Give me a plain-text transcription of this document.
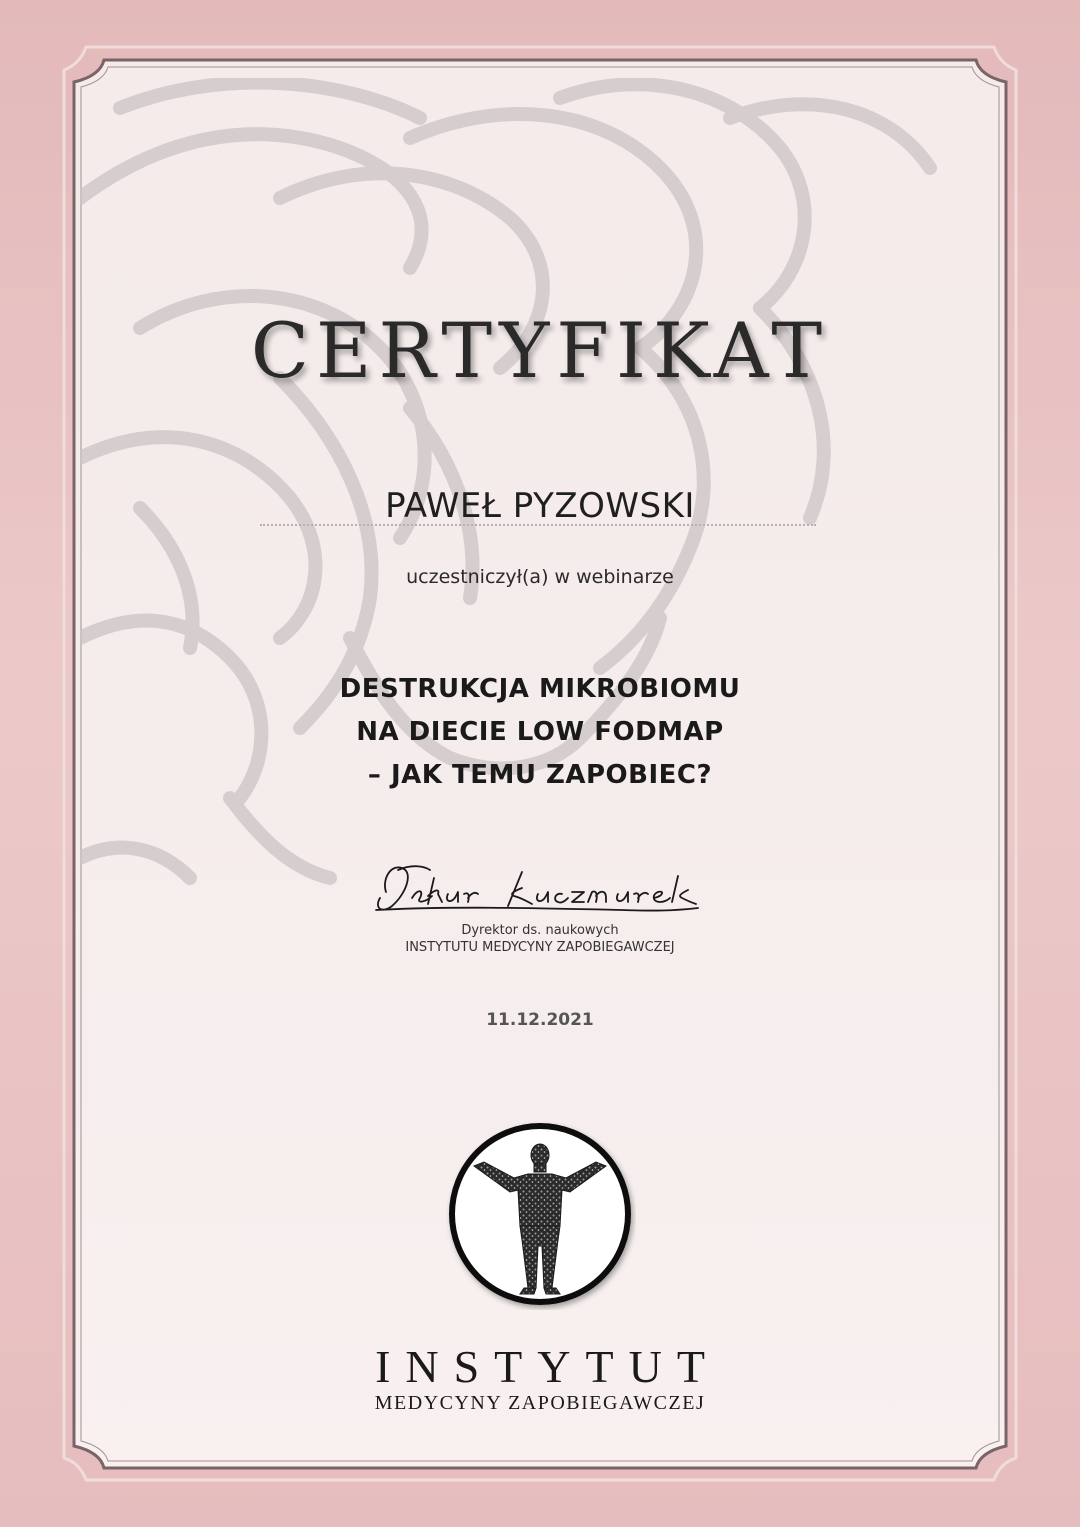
CERTYFIKAT
PAWEŁ PYZOWSKI
uczestniczył(a) w webinarze
DESTRUKCJA MIKROBIOMU
NA DIECIE LOW FODMAP
– JAK TEMU ZAPOBIEC?
Dyrektor ds. naukowych
INSTYTUTU MEDYCYNY ZAPOBIEGAWCZEJ
11.12.2021
INSTYTUT
MEDYCYNY ZAPOBIEGAWCZEJ
